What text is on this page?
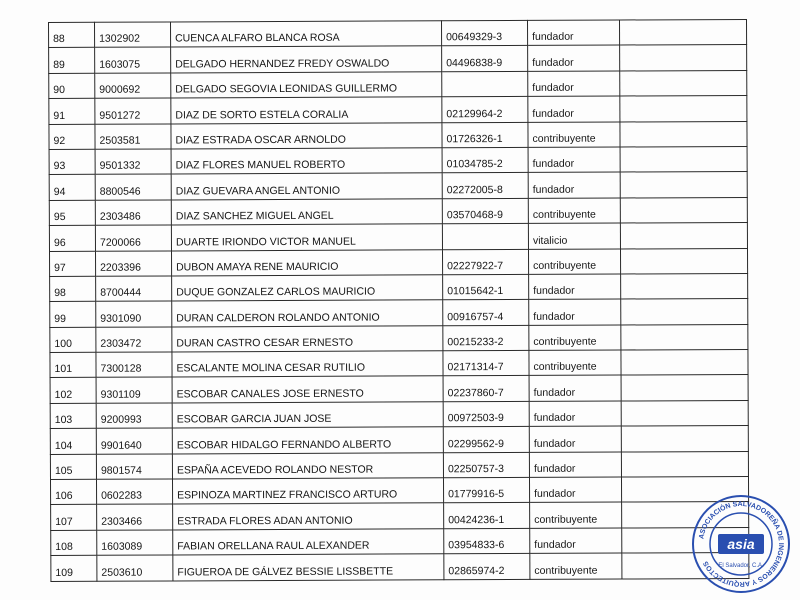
88	1302902	CUENCA ALFARO BLANCA ROSA	00649329-3	fundador	
89	1603075	DELGADO HERNANDEZ FREDY OSWALDO	04496838-9	fundador	
90	9000692	DELGADO SEGOVIA LEONIDAS GUILLERMO		fundador	
91	9501272	DIAZ DE SORTO ESTELA CORALIA	02129964-2	fundador	
92	2503581	DIAZ ESTRADA OSCAR ARNOLDO	01726326-1	contribuyente	
93	9501332	DIAZ FLORES MANUEL ROBERTO	01034785-2	fundador	
94	8800546	DIAZ GUEVARA ANGEL ANTONIO	02272005-8	fundador	
95	2303486	DIAZ SANCHEZ MIGUEL ANGEL	03570468-9	contribuyente	
96	7200066	DUARTE IRIONDO VICTOR MANUEL		vitalicio	
97	2203396	DUBON AMAYA RENE MAURICIO	02227922-7	contribuyente	
98	8700444	DUQUE GONZALEZ CARLOS MAURICIO	01015642-1	fundador	
99	9301090	DURAN CALDERON ROLANDO ANTONIO	00916757-4	fundador	
100	2303472	DURAN CASTRO CESAR ERNESTO	00215233-2	contribuyente	
101	7300128	ESCALANTE MOLINA CESAR RUTILIO	02171314-7	contribuyente	
102	9301109	ESCOBAR CANALES JOSE ERNESTO	02237860-7	fundador	
103	9200993	ESCOBAR GARCIA JUAN JOSE	00972503-9	fundador	
104	9901640	ESCOBAR HIDALGO FERNANDO ALBERTO	02299562-9	fundador	
105	9801574	ESPAÑA ACEVEDO ROLANDO NESTOR	02250757-3	fundador	
106	0602283	ESPINOZA MARTINEZ FRANCISCO ARTURO	01779916-5	fundador	
107	2303466	ESTRADA FLORES ADAN ANTONIO	00424236-1	contribuyente	
108	1603089	FABIAN ORELLANA RAUL ALEXANDER	03954833-6	fundador	
109	2503610	FIGUEROA DE GÁLVEZ BESSIE LISSBETTE	02865974-2	contribuyente	
ASOCIACIÓN SALVADOREÑA DE INGENIEROS Y ARQUITECTOS
asia
El Salvador, C.A.
